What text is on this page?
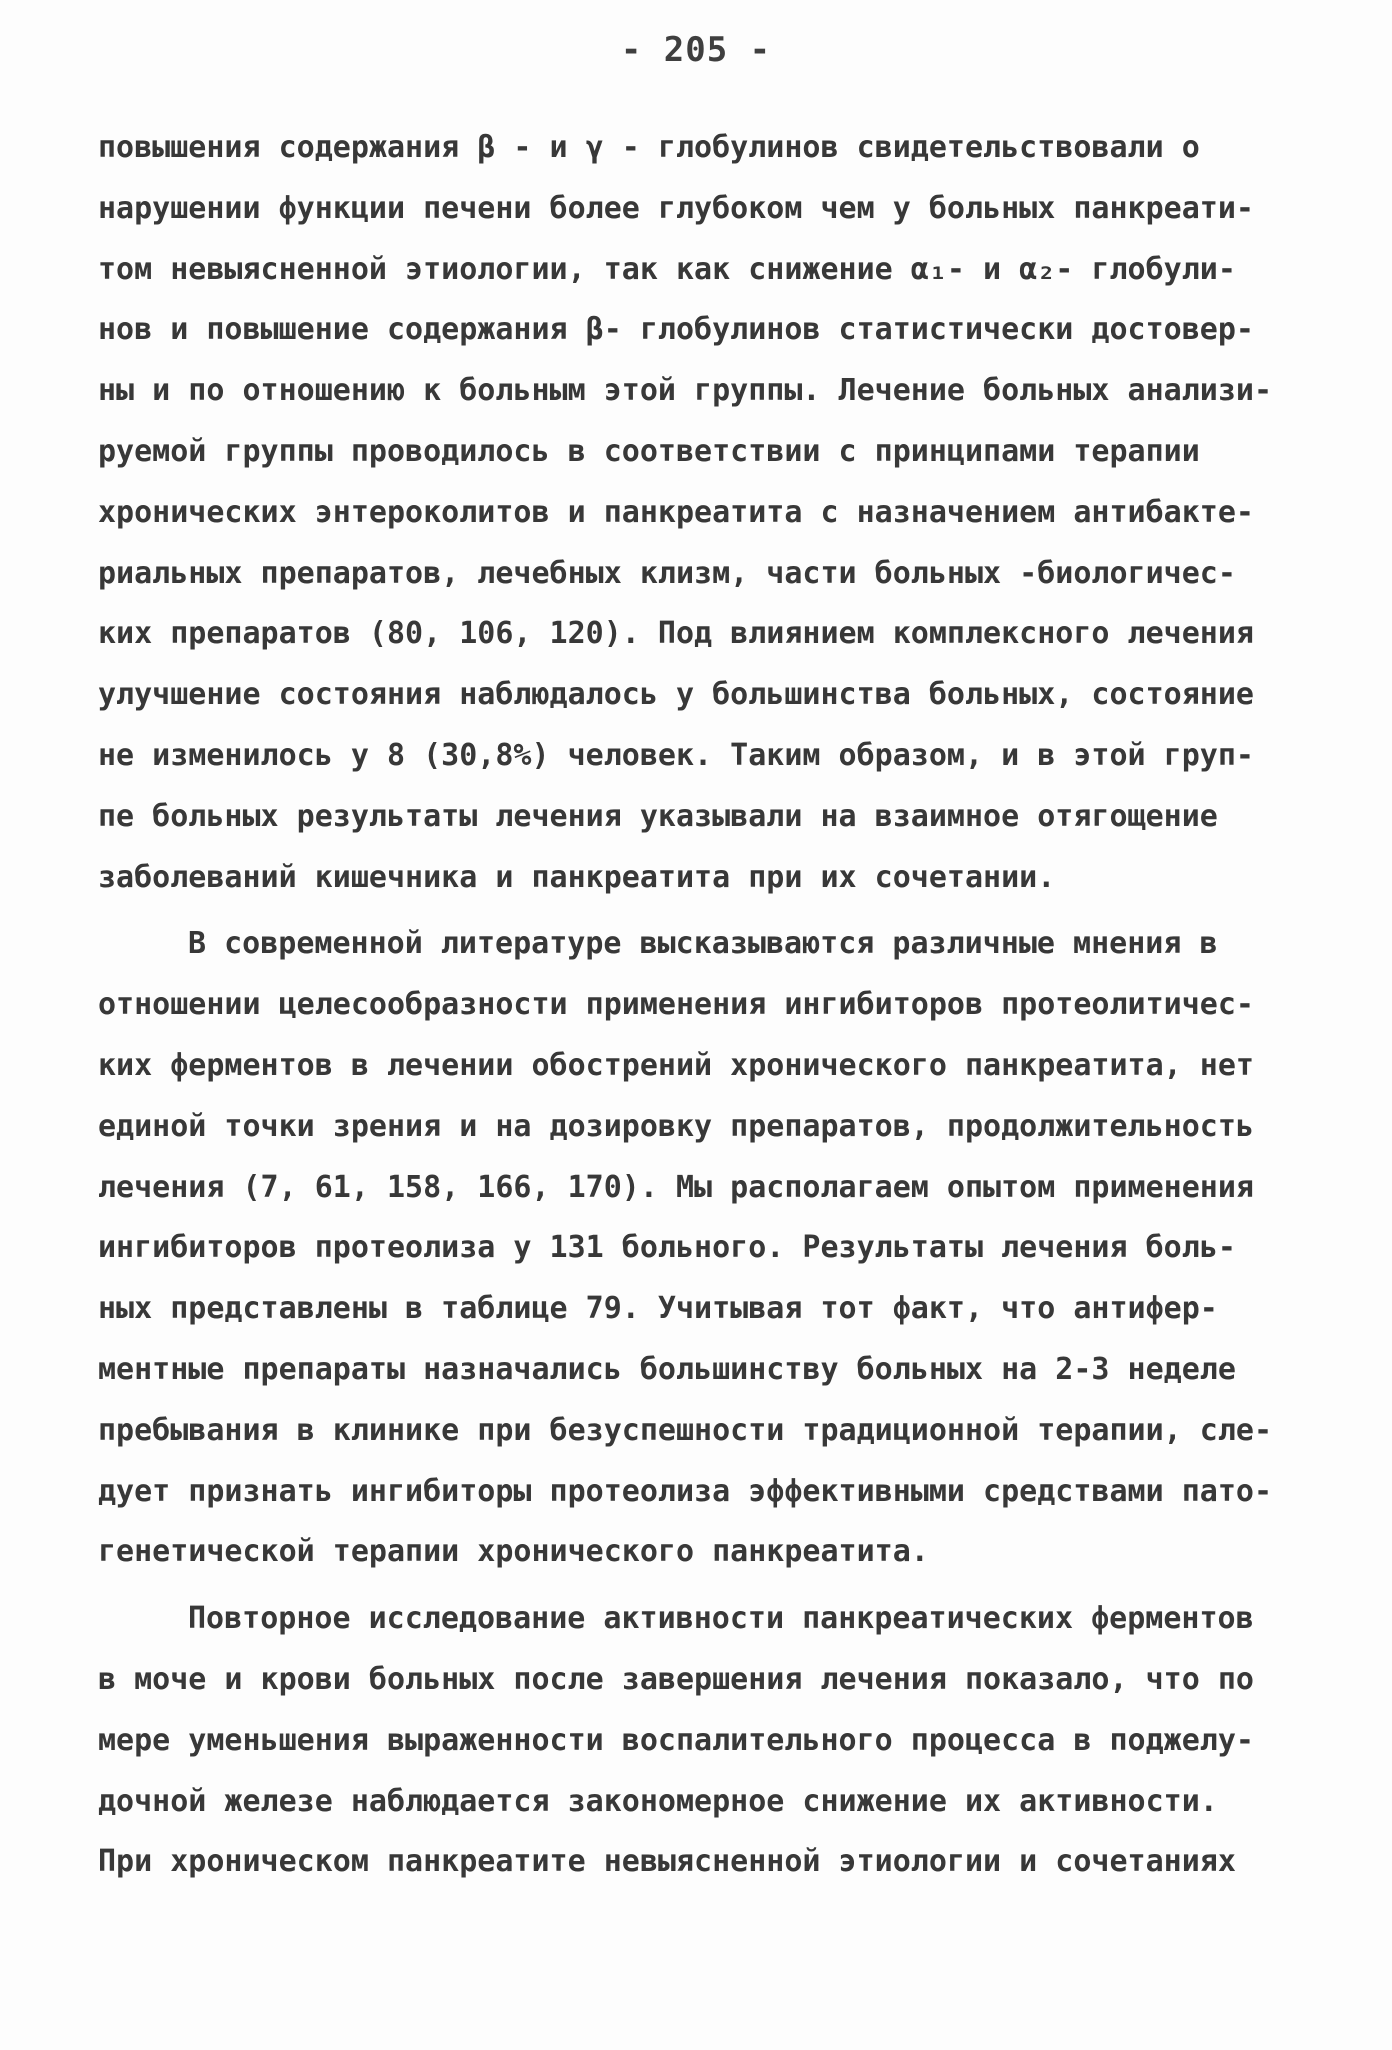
- 205 -
повышения содержания β - и γ - глобулинов свидетельствовали о
нарушении функции печени более глубоком чем у больных панкреати-
том невыясненной этиологии, так как снижение α₁- и α₂- глобули-
нов и повышение содержания β- глобулинов статистически достовер-
ны и по отношению к больным этой группы. Лечение больных анализи-
руемой группы проводилось в соответствии с принципами терапии
хронических энтероколитов и панкреатита с назначением антибакте-
риальных препаратов, лечебных клизм, части больных -биологичес-
ких препаратов (80, 106, 120). Под влиянием комплексного лечения
улучшение состояния наблюдалось у большинства больных, состояние
не изменилось у 8 (30,8%) человек. Таким образом, и в этой груп-
пе больных результаты лечения указывали на взаимное отягощение
заболеваний кишечника и панкреатита при их сочетании.
В современной литературе высказываются различные мнения в
отношении целесообразности применения ингибиторов протеолитичес-
ких ферментов в лечении обострений хронического панкреатита, нет
единой точки зрения и на дозировку препаратов, продолжительность
лечения (7, 61, 158, 166, 170). Мы располагаем опытом применения
ингибиторов протеолиза у 131 больного. Результаты лечения боль-
ных представлены в таблице 79. Учитывая тот факт, что антифер-
ментные препараты назначались большинству больных на 2-3 неделе
пребывания в клинике при безуспешности традиционной терапии, сле-
дует признать ингибиторы протеолиза эффективными средствами пато-
генетической терапии хронического панкреатита.
Повторное исследование активности панкреатических ферментов
в моче и крови больных после завершения лечения показало, что по
мере уменьшения выраженности воспалительного процесса в поджелу-
дочной железе наблюдается закономерное снижение их активности.
При хроническом панкреатите невыясненной этиологии и сочетаниях
